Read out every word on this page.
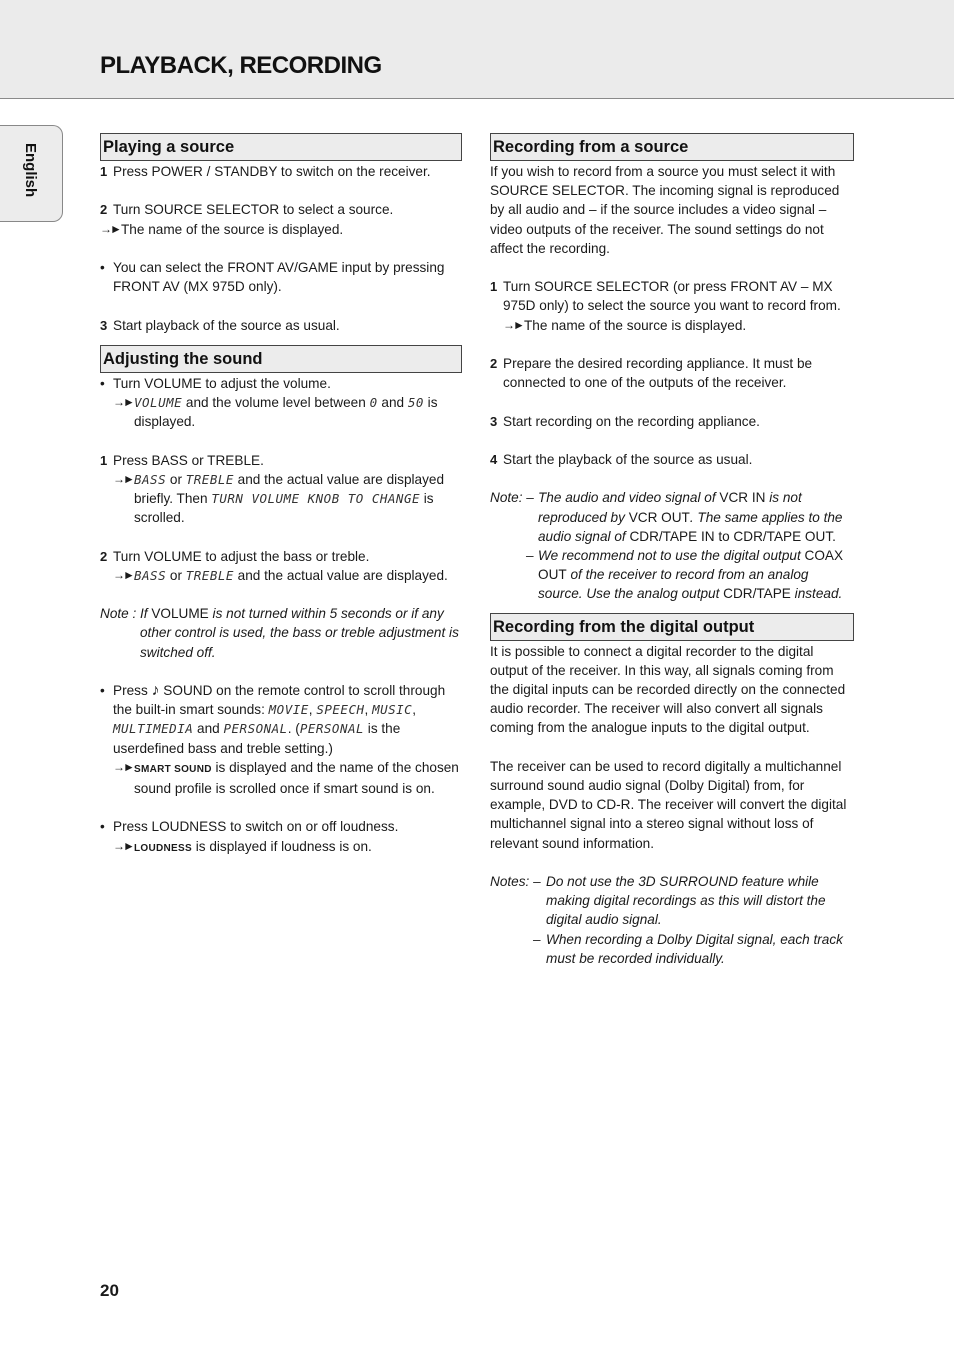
PLAYBACK, RECORDING
English	Playing a source

1 Press POWER / STANDBY to switch on the receiver.

2 Turn SOURCE SELECTOR to select a source.

→► The name of the source is displayed.

• You can select the FRONT AV/GAME input by pressing FRONT AV (MX 975D only).

3 Start playback of the source as usual.

Adjusting the sound

• Turn VOLUME to adjust the volume.

→► VOLUME and the volume level between 0 and 50 is displayed.

1 Press BASS or TREBLE.

→► BASS or TREBLE and the actual value are displayed briefly. Then TURN VOLUME KNOB TO CHANGE is scrolled.

2 Turn VOLUME to adjust the bass or treble.

→► BASS or TREBLE and the actual value are displayed.

Note : If VOLUME is not turned within 5 seconds or if any other control is used, the bass or treble adjustment is switched off.

• Press ♪ SOUND on the remote control to scroll through the built-in smart sounds: MOVIE, SPEECH, MUSIC, MULTIMEDIA and PERSONAL. (PERSONAL is the userdefined bass and treble setting.)

→► SMART SOUND is displayed and the name of the chosen sound profile is scrolled once if smart sound is on.

• Press LOUDNESS to switch on or off loudness.

→► LOUDNESS is displayed if loudness is on.

Recording from a source

If you wish to record from a source you must select it with SOURCE SELECTOR. The incoming signal is reproduced by all audio and – if the source includes a video signal – video outputs of the receiver. The sound settings do not affect the recording.

1 Turn SOURCE SELECTOR (or press FRONT AV – MX 975D only) to select the source you want to record from.

→► The name of the source is displayed.

2 Prepare the desired recording appliance. It must be connected to one of the outputs of the receiver.

3 Start recording on the recording appliance.

4 Start the playback of the source as usual.

Note: – The audio and video signal of VCR IN is not reproduced by VCR OUT. The same applies to the audio signal of CDR/TAPE IN to CDR/TAPE OUT.

– We recommend not to use the digital output COAX OUT of the receiver to record from an analog source. Use the analog output CDR/TAPE instead.

Recording from the digital output

It is possible to connect a digital recorder to the digital output of the receiver. In this way, all signals coming from the digital inputs can be recorded directly on the connected audio recorder. The receiver will also convert all signals coming from the analogue inputs to the digital output.

The receiver can be used to record digitally a multichannel surround sound audio signal (Dolby Digital) from, for example, DVD to CD-R. The receiver will convert the digital multichannel signal into a stereo signal without loss of relevant sound information.

Notes: – Do not use the 3D SURROUND feature while making digital recordings as this will distort the digital audio signal.

– When recording a Dolby Digital signal, each track must be recorded individually.

20
